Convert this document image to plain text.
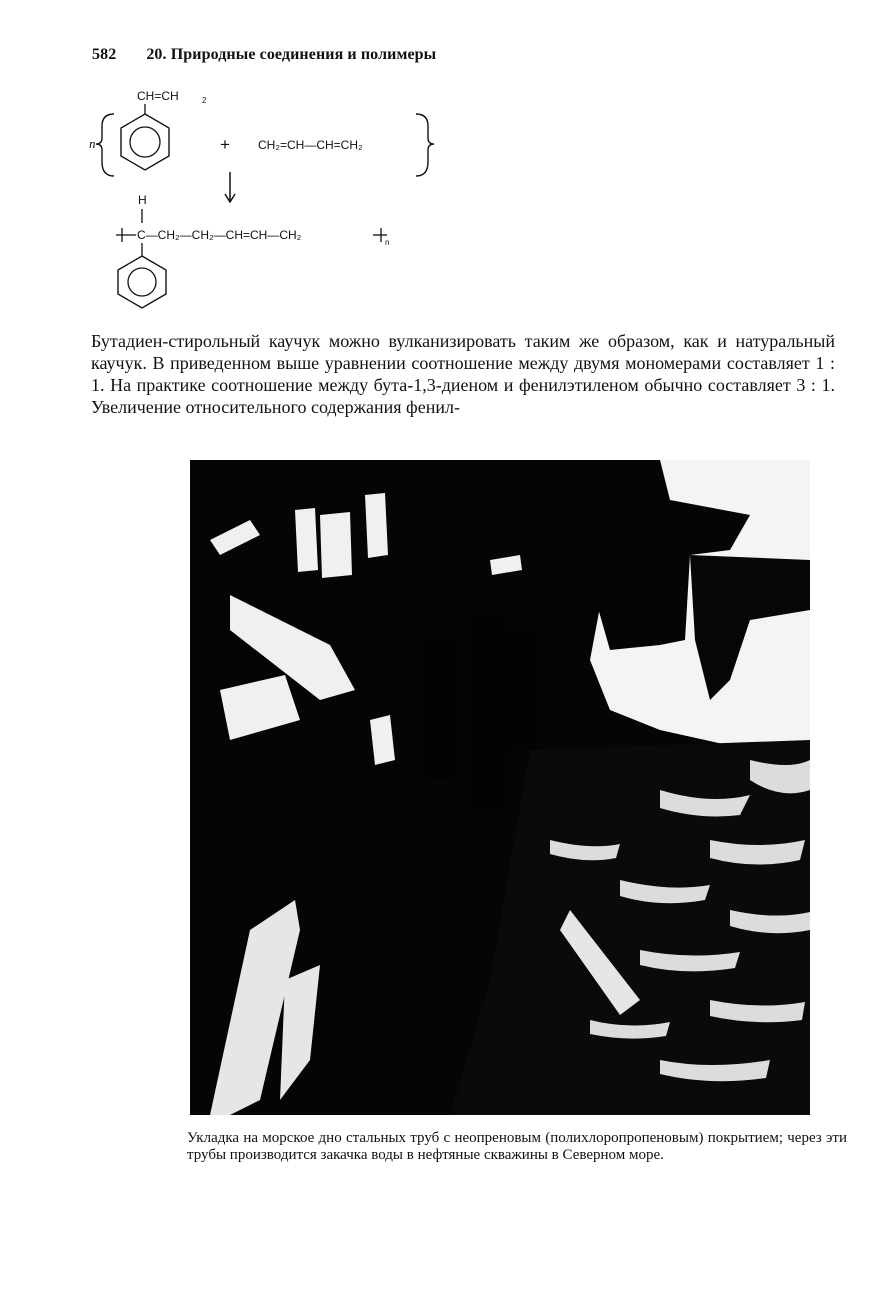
582 20. Природные соединения и полимеры
CH=CH	2
n	+ CH₂=CH—CH=CH₂
H
C—CH₂—CH₂—CH=CH—CH₂
n
Бутадиен-стирольный каучук можно вулканизировать таким же образом, как и натуральный каучук. В приведенном выше уравнении соотношение между двумя мономерами составляет 1 : 1. На практике соотношение между бута-1,3-диеном и фенилэтиленом обычно составляет 3 : 1. Увеличение относительного содержания фенил-
Укладка на морское дно стальных труб с неопреновым (полихлоропропеновым) покрытием; через эти трубы производится закачка воды в нефтяные скважины в Северном море.
